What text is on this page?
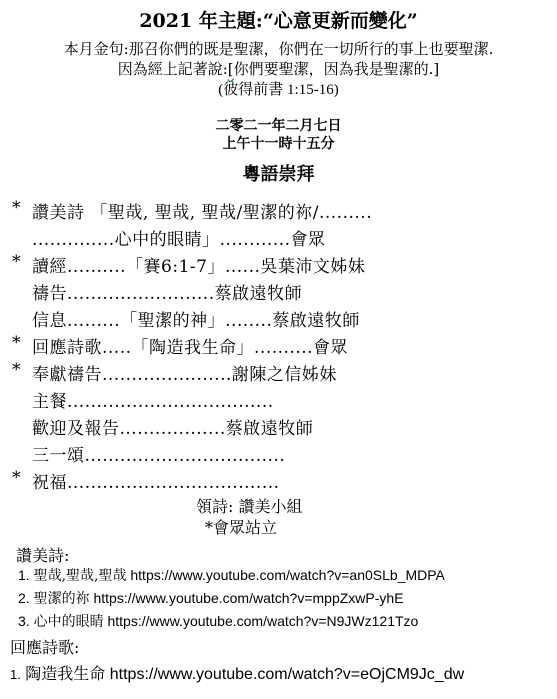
2021 年主題:“心意更新而變化”
本月金句:那召你們的既是聖潔，你們在一切所行的事上也要聖潔.
因為經上記著說:[你們要聖潔，因為我是聖潔的.]
(彼得前書 1:15-16)
二零二一年二月七日
上午十一時十五分
粵語崇拜
* 讚美詩 「聖哉, 聖哉, 聖哉/聖潔的祢/.........
..............心中的眼睛」............會眾
* 讀經..........「賽6:1-7」......吳葉沛文姊妹
禱告.........................蔡啟遠牧師
信息.........「聖潔的神」........蔡啟遠牧師
* 回應詩歌.....「陶造我生命」..........會眾
* 奉獻禱告......................謝陳之信姊妹
主餐...................................
歡迎及報告..................蔡啟遠牧師
三一頌..................................
* 祝福....................................
領詩: 讚美小組
*會眾站立
讚美詩:
1. 聖哉,聖哉,聖哉 https://www.youtube.com/watch?v=an0SLb_MDPA
2. 聖潔的祢 https://www.youtube.com/watch?v=mppZxwP-yhE
3. 心中的眼睛 https://www.youtube.com/watch?v=N9JWz121Tzo
回應詩歌:
1. 陶造我生命 https://www.youtube.com/watch?v=eOjCM9Jc_dw
